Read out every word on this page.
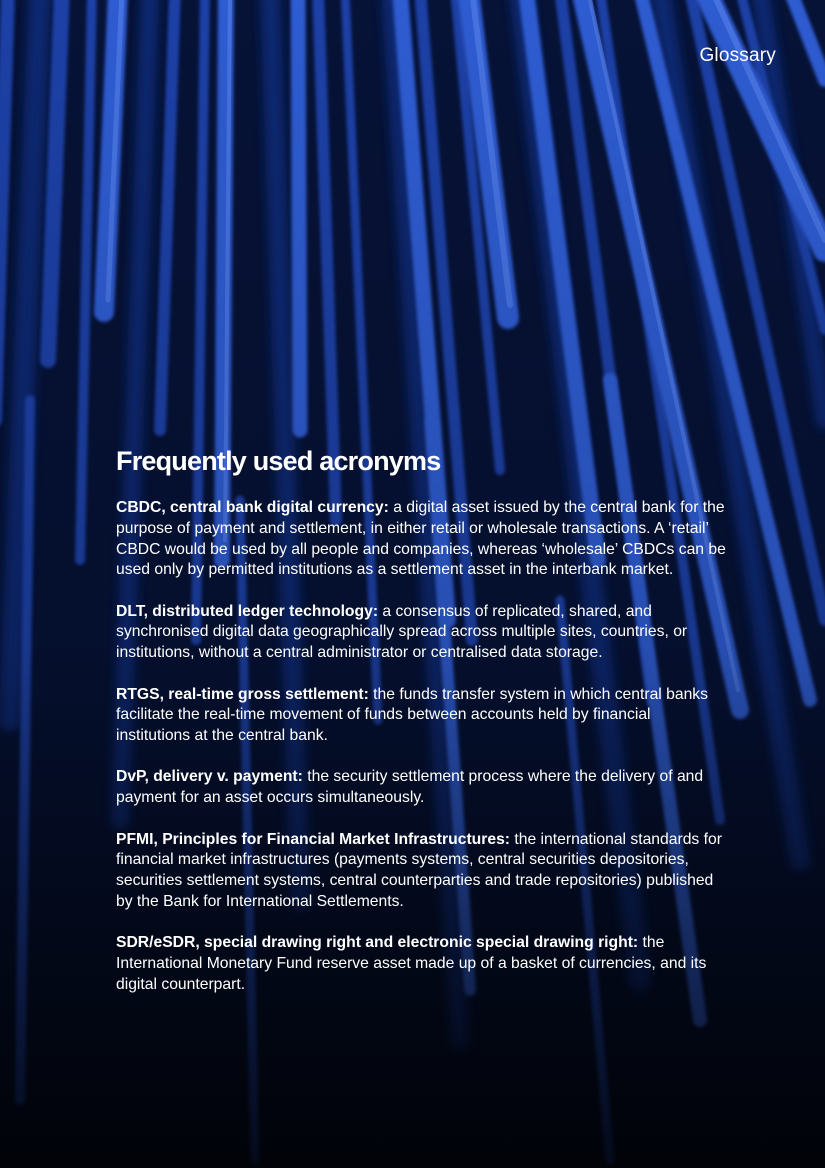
Glossary
Frequently used acronyms

CBDC, central bank digital currency: a digital asset issued by the central bank for the purpose of payment and settlement, in either retail or wholesale transactions. A ‘retail’ CBDC would be used by all people and companies, whereas ‘wholesale’ CBDCs can be used only by permitted institutions as a settlement asset in the interbank market.

DLT, distributed ledger technology: a consensus of replicated, shared, and synchronised digital data geographically spread across multiple sites, countries, or institutions, without a central administrator or centralised data storage.

RTGS, real-time gross settlement: the funds transfer system in which central banks facilitate the real-time movement of funds between accounts held by financial institutions at the central bank.

DvP, delivery v. payment: the security settlement process where the delivery of and payment for an asset occurs simultaneously.

PFMI, Principles for Financial Market Infrastructures: the international standards for financial market infrastructures (payments systems, central securities depositories, securities settlement systems, central counterparties and trade repositories) published by the Bank for International Settlements.

SDR/eSDR, special drawing right and electronic special drawing right: the International Monetary Fund reserve asset made up of a basket of currencies, and its digital counterpart.
